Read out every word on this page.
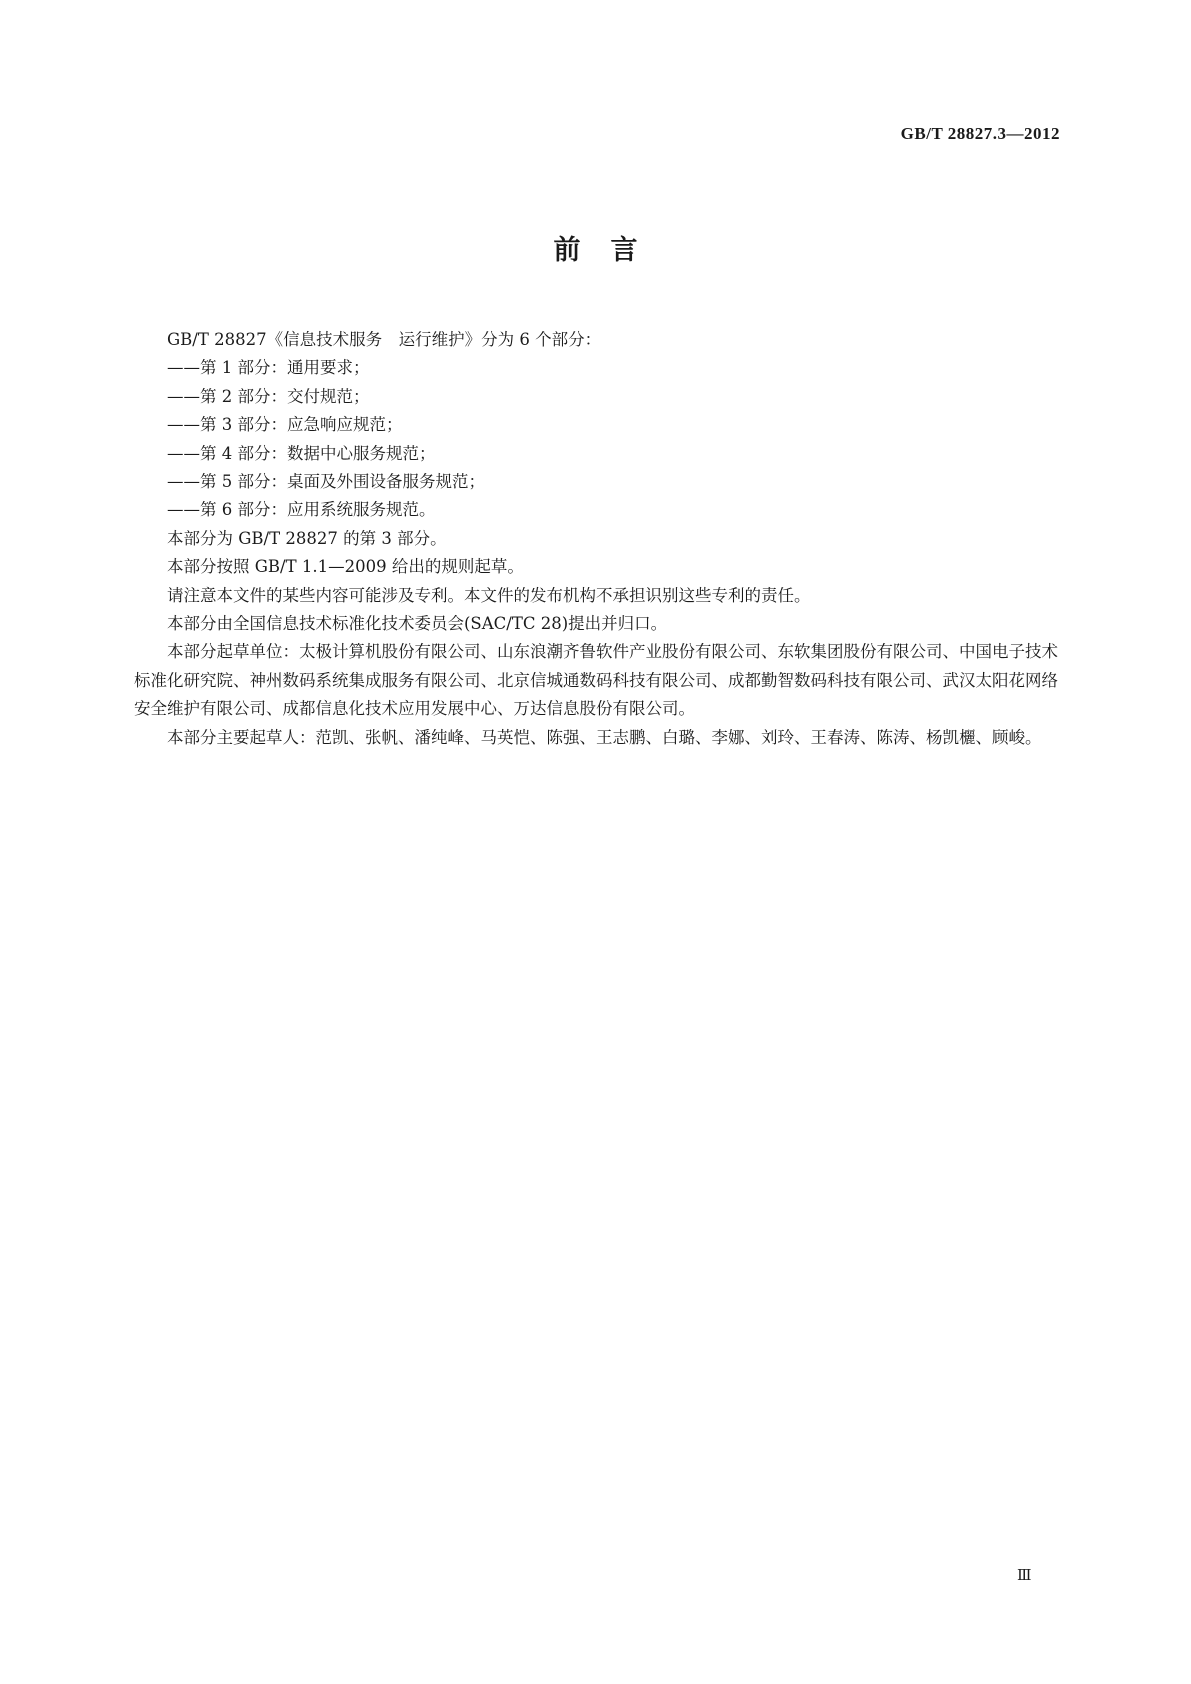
GB/T 28827.3—2012
前言

GB/T 28827《信息技术服务　运行维护》分为 6 个部分：

——第 1 部分：通用要求；

——第 2 部分：交付规范；

——第 3 部分：应急响应规范；

——第 4 部分：数据中心服务规范；

——第 5 部分：桌面及外围设备服务规范；

——第 6 部分：应用系统服务规范。

本部分为 GB/T 28827 的第 3 部分。

本部分按照 GB/T 1.1—2009 给出的规则起草。

请注意本文件的某些内容可能涉及专利。本文件的发布机构不承担识别这些专利的责任。

本部分由全国信息技术标准化技术委员会(SAC/TC 28)提出并归口。

本部分起草单位：太极计算机股份有限公司、山东浪潮齐鲁软件产业股份有限公司、东软集团股份有限公司、中国电子技术标准化研究院、神州数码系统集成服务有限公司、北京信城通数码科技有限公司、成都勤智数码科技有限公司、武汉太阳花网络安全维护有限公司、成都信息化技术应用发展中心、万达信息股份有限公司。

本部分主要起草人：范凯、张帆、潘纯峰、马英恺、陈强、王志鹏、白璐、李娜、刘玲、王春涛、陈涛、杨凯欐、顾峻。

Ⅲ
